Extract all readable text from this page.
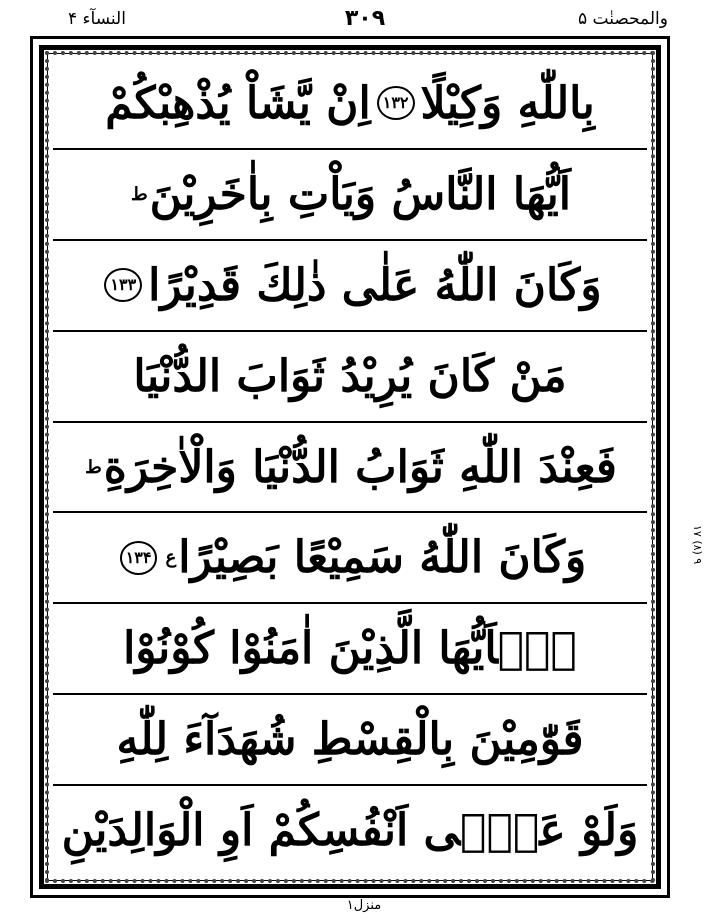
النسآء ۴	۳۰۹	والمحصنٰت ۵
بِاللّٰهِ وَكِيْلًا
۱۳۲
اِنْ يَّشَاْ يُذْهِبْكُمْ
اَيُّهَا النَّاسُ وَيَاْتِ بِاٰخَرِيْنَ
ط
وَكَانَ اللّٰهُ عَلٰى ذٰلِكَ قَدِيْرًا
۱۳۳
مَنْ كَانَ يُرِيْدُ ثَوَابَ الدُّنْيَا
فَعِنْدَ اللّٰهِ ثَوَابُ الدُّنْيَا وَالْاٰخِرَةِ
ط
وَكَانَ اللّٰهُ سَمِيْعًا بَصِيْرًا
ع
۱۳۴
يٰۤاَيُّهَا الَّذِيْنَ اٰمَنُوْا كُوْنُوْا
قَوّٰمِيْنَ بِالْقِسْطِ شُهَدَآءَ لِلّٰهِ
وَلَوْ عَلٰۤى اَنْفُسِكُمْ اَوِ الْوَالِدَيْنِ
۱۷ (۸) ۹
منزل۱
